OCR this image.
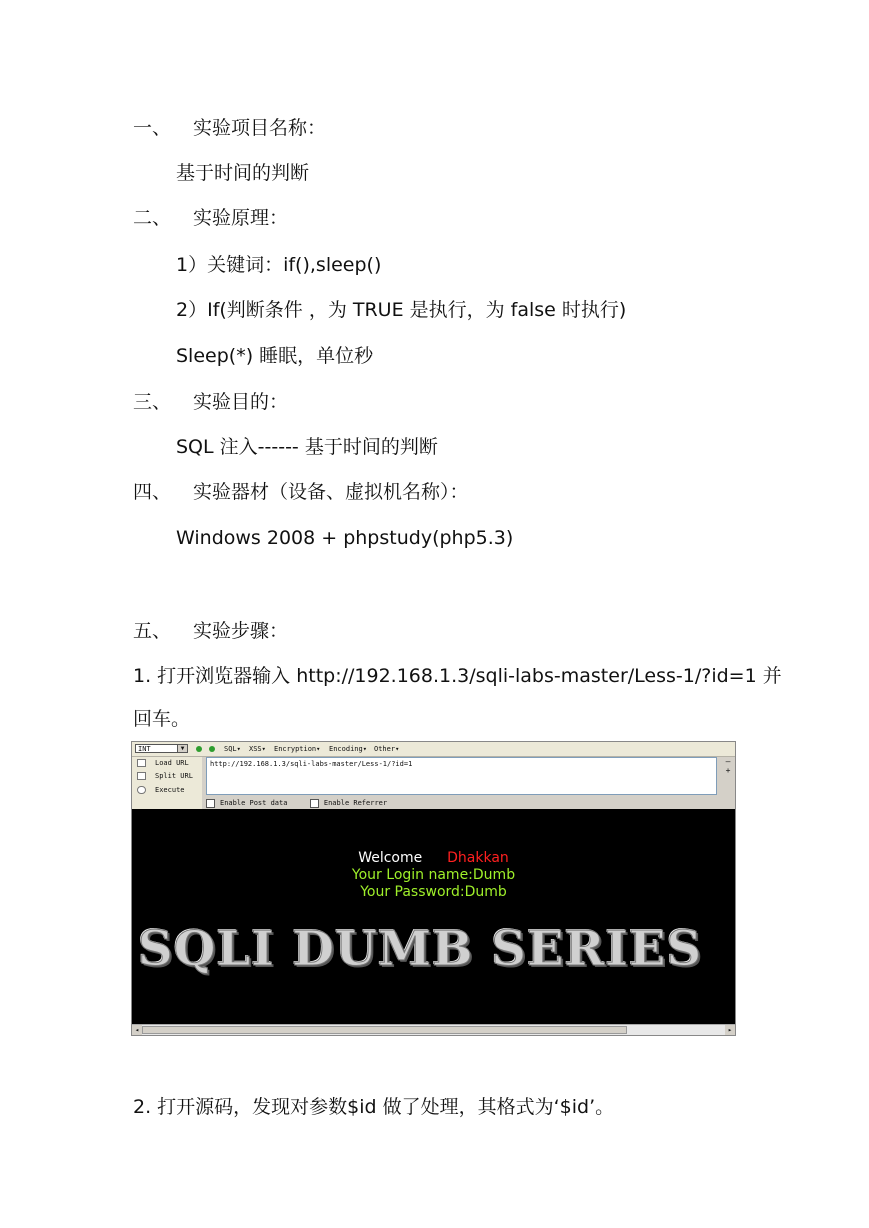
一、 实验项目名称：
基于时间的判断
二、 实验原理：
1）关键词：if(),sleep()
2）If(判断条件 ，为 TRUE 是执行，为 false 时执行)
Sleep(*) 睡眠，单位秒
三、 实验目的：
SQL 注入------ 基于时间的判断
四、 实验器材（设备、虚拟机名称）：
Windows 2008 + phpstudy(php5.3)
五、 实验步骤：
1. 打开浏览器输入 http://192.168.1.3/sqli-labs-master/Less-1/?id=1 并
回车。
INT	▼	SQL▾ XSS▾ Encryption▾ Encoding▾ Other▾
Load URL
Split URL
Execute
http://192.168.1.3/sqli-labs-master/Less-1/?id=1	–
+
Enable Post data	Enable Referrer
Welcome Dhakkan
Your Login name:Dumb
Your Password:Dumb
SQLI DUMB SERIES
◂	▸
2. 打开源码，发现对参数$id 做了处理，其格式为‘$id’。
